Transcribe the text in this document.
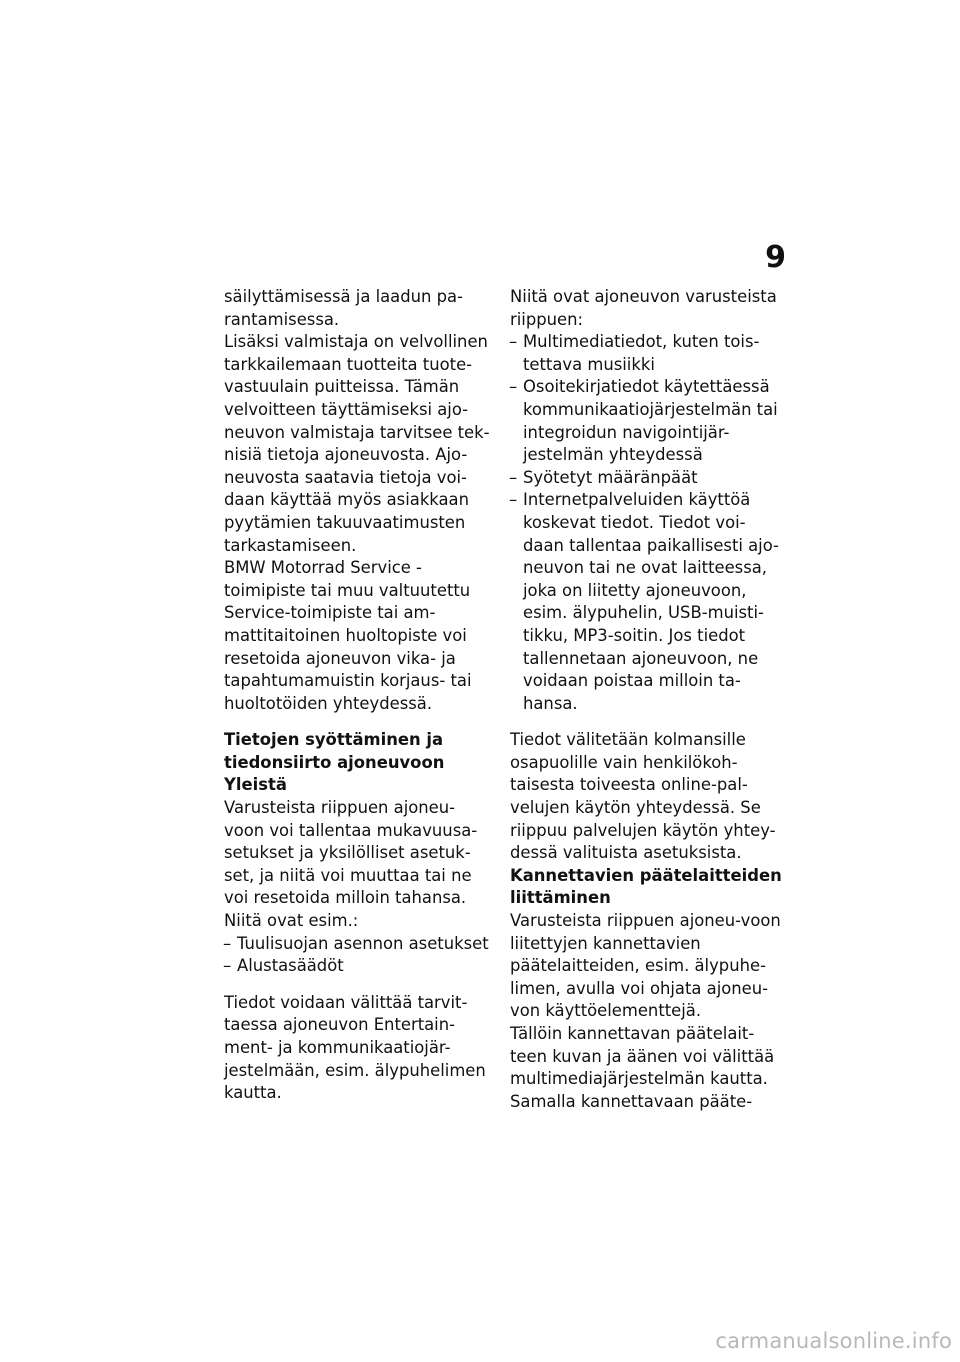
9

säilyttämisessä ja laadun pa-rantamisessa.

Lisäksi valmistaja on velvollinen tarkkailemaan tuotteita tuote-vastuulain puitteissa. Tämän velvoitteen täyttämiseksi ajo-neuvon valmistaja tarvitsee tek-nisiä tietoja ajoneuvosta. Ajo-neuvosta saatavia tietoja voi-daan käyttää myös asiakkaan pyytämien takuuvaatimusten tarkastamiseen.

BMW Motorrad Service -toimipiste tai muu valtuutettu Service-toimipiste tai am-mattitaitoinen huoltopiste voi resetoida ajoneuvon vika- ja tapahtumamuistin korjaus- tai huoltotöiden yhteydessä.

Tietojen syöttäminen ja tiedonsiirto ajoneuvoon

Yleistä

Varusteista riippuen ajoneu-voon voi tallentaa mukavuusa-setukset ja yksilölliset asetuk-set, ja niitä voi muuttaa tai ne voi resetoida milloin tahansa.

Niitä ovat esim.:

– Tuulisuojan asennon asetukset
– Alustasäädöt

Tiedot voidaan välittää tarvit-taessa ajoneuvon Entertain-ment- ja kommunikaatiojär-jestelmään, esim. älypuhelimen kautta.

Niitä ovat ajoneuvon varusteista riippuen:

– Multimediatiedot, kuten tois-tettava musiikki
– Osoitekirjatiedot käytettäessä kommunikaatiojärjestelmän tai integroidun navigointijär-jestelmän yhteydessä
– Syötetyt määränpäät
– Internetpalveluiden käyttöä koskevat tiedot. Tiedot voi-daan tallentaa paikallisesti ajo-neuvon tai ne ovat laitteessa, joka on liitetty ajoneuvoon, esim. älypuhelin, USB-muisti-tikku, MP3-soitin. Jos tiedot tallennetaan ajoneuvoon, ne voidaan poistaa milloin ta-hansa.

Tiedot välitetään kolmansille osapuolille vain henkilökoh-taisesta toiveesta online-pal-velujen käytön yhteydessä. Se riippuu palvelujen käytön yhtey-dessä valituista asetuksista.

Kannettavien päätelaitteiden liittäminen

Varusteista riippuen ajoneu-voon liitettyjen kannettavien päätelaitteiden, esim. älypuhe-limen, avulla voi ohjata ajoneu-von käyttöelementtejä.

Tällöin kannettavan päätelait-teen kuvan ja äänen voi välittää multimediajärjestelmän kautta. Samalla kannettavaan pääte-

carmanualsonline.info
